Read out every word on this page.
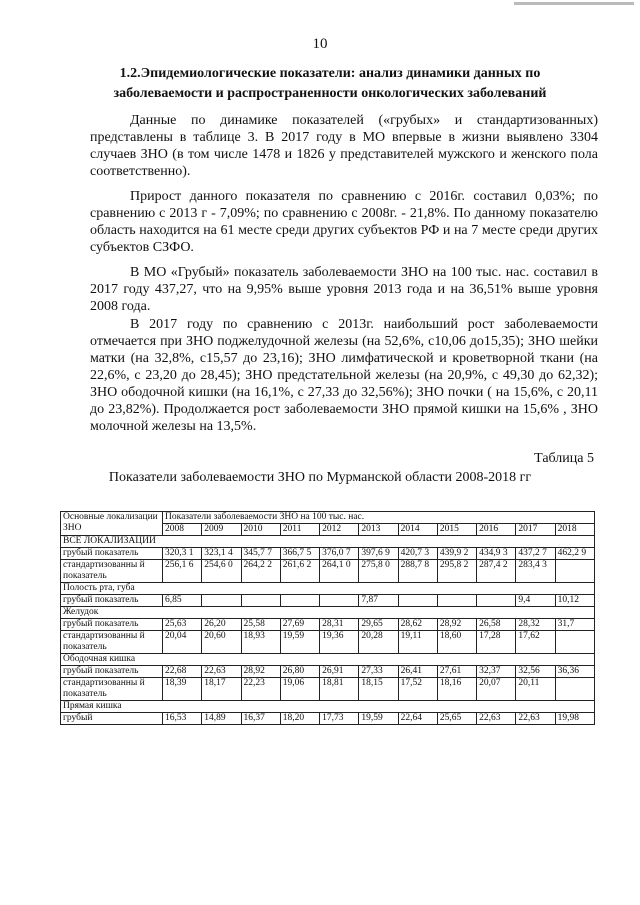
10
1.2.Эпидемиологические показатели: анализ динамики данных по заболеваемости и распространенности онкологических заболеваний
Данные по динамике показателей («грубых» и стандартизованных) представлены в таблице 3. В 2017 году в МО впервые в жизни выявлено 3304 случаев ЗНО (в том числе 1478 и 1826 у представителей мужского и женского пола соответственно).
Прирост данного показателя по сравнению с 2016г. составил 0,03%; по сравнению с 2013 г - 7,09%; по сравнению с 2008г. - 21,8%. По данному показателю область находится на 61 месте среди других субъектов РФ и на 7 месте среди других субъектов СЗФО.
В МО «Грубый» показатель заболеваемости ЗНО на 100 тыс. нас. составил в 2017 году 437,27, что на 9,95% выше уровня 2013 года и на 36,51% выше уровня 2008 года.
В 2017 году по сравнению с 2013г. наибольший рост заболеваемости отмечается при ЗНО поджелудочной железы (на 52,6%, с10,06 до15,35); ЗНО шейки матки (на 32,8%, с15,57 до 23,16); ЗНО лимфатической и кроветворной ткани (на 22,6%, с 23,20 до 28,45); ЗНО предстательной железы (на 20,9%, с 49,30 до 62,32); ЗНО ободочной кишки (на 16,1%, с 27,33 до 32,56%); ЗНО почки ( на 15,6%, с 20,11 до 23,82%). Продолжается рост заболеваемости ЗНО прямой кишки на 15,6% , ЗНО молочной железы на 13,5%.
Таблица 5
Показатели заболеваемости ЗНО по Мурманской области 2008-2018 гг
Основные локализации ЗНО	Показатели заболеваемости ЗНО на 100 тыс. нас.										
	2008	2009	2010	2011	2012	2013	2014	2015	2016	2017	2018
ВСЕ ЛОКАЛИЗАЦИИ											
грубый показатель	320,3 1	323,1 4	345,7 7	366,7 5	376,0 7	397,6 9	420,7 3	439,9 2	434,9 3	437,2 7	462,2 9
стандартизованны й показатель	256,1 6	254,6 0	264,2 2	261,6 2	264,1 0	275,8 0	288,7 8	295,8 2	287,4 2	283,4 3	
Полость рта, губа											
грубый показатель	6,85					7,87				9,4	10,12
Желудок											
грубый показатель	25,63	26,20	25,58	27,69	28,31	29,65	28,62	28,92	26,58	28,32	31,7
стандартизованны й показатель	20,04	20,60	18,93	19,59	19,36	20,28	19,11	18,60	17,28	17,62	
Ободочная кишка											
грубый показатель	22,68	22,63	28,92	26,80	26,91	27,33	26,41	27,61	32,37	32,56	36,36
стандартизованны й показатель	18,39	18,17	22,23	19,06	18,81	18,15	17,52	18,16	20,07	20,11	
Прямая кишка											
грубый	16,53	14,89	16,37	18,20	17,73	19,59	22,64	25,65	22,63	22,63	19,98
